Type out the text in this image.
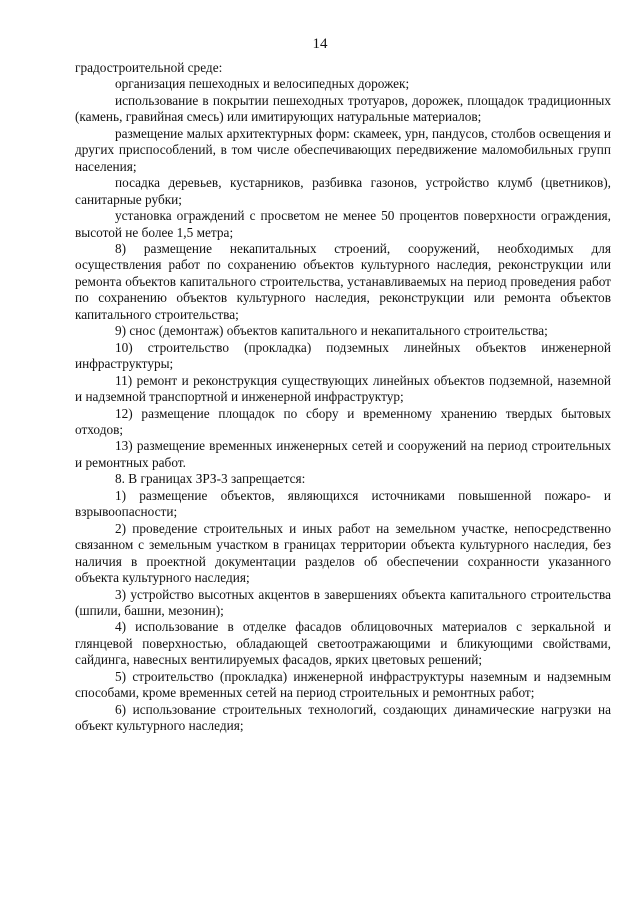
14

градостроительной среде:

организация пешеходных и велосипедных дорожек;

использование в покрытии пешеходных тротуаров, дорожек, площадок традиционных (камень, гравийная смесь) или имитирующих натуральные материалов;

размещение малых архитектурных форм: скамеек, урн, пандусов, столбов освещения и других приспособлений, в том числе обеспечивающих передвижение маломобильных групп населения;

посадка деревьев, кустарников, разбивка газонов, устройство клумб (цветников), санитарные рубки;

установка ограждений с просветом не менее 50 процентов поверхности ограждения, высотой не более 1,5 метра;

8) размещение некапитальных строений, сооружений, необходимых для осуществления работ по сохранению объектов культурного наследия, реконструкции или ремонта объектов капитального строительства, устанавливаемых на период проведения работ по сохранению объектов культурного наследия, реконструкции или ремонта объектов капитального строительства;

9) снос (демонтаж) объектов капитального и некапитального строительства;

10) строительство (прокладка) подземных линейных объектов инженерной инфраструктуры;

11) ремонт и реконструкция существующих линейных объектов подземной, наземной и надземной транспортной и инженерной инфраструктур;

12) размещение площадок по сбору и временному хранению твердых бытовых отходов;

13) размещение временных инженерных сетей и сооружений на период строительных и ремонтных работ.

8. В границах ЗРЗ-3 запрещается:

1) размещение объектов, являющихся источниками повышенной пожаро- и взрывоопасности;

2) проведение строительных и иных работ на земельном участке, непосредственно связанном с земельным участком в границах территории объекта культурного наследия, без наличия в проектной документации разделов об обеспечении сохранности указанного объекта культурного наследия;

3) устройство высотных акцентов в завершениях объекта капитального строительства (шпили, башни, мезонин);

4) использование в отделке фасадов облицовочных материалов с зеркальной и глянцевой поверхностью, обладающей светоотражающими и бликующими свойствами, сайдинга, навесных вентилируемых фасадов, ярких цветовых решений;

5) строительство (прокладка) инженерной инфраструктуры наземным и надземным способами, кроме временных сетей на период строительных и ремонтных работ;

6) использование строительных технологий, создающих динамические нагрузки на объект культурного наследия;
